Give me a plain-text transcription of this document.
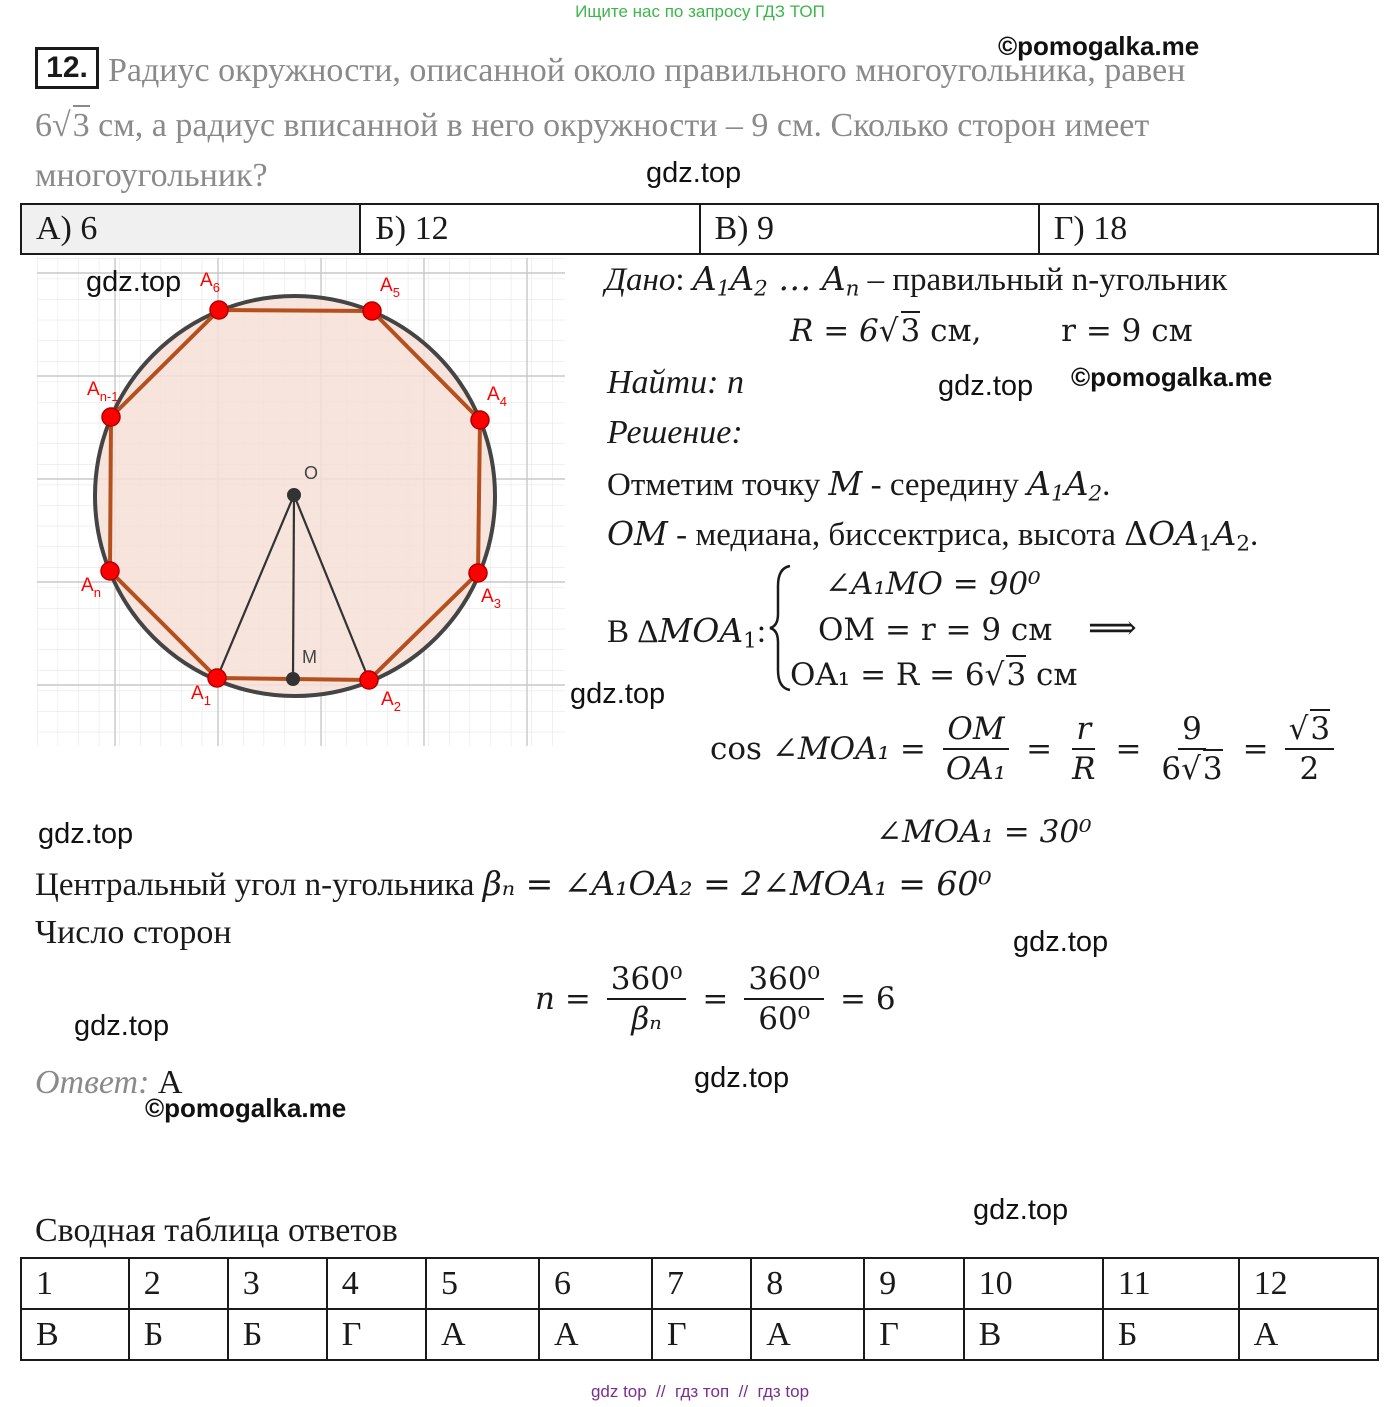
Ищите нас по запросу ГДЗ ТОП
12. Радиус окружности, описанной около правильного многоугольника, равен
6√3 см, а радиус вписанной в него окружности – 9 см. Сколько сторон имеет
многоугольник?
©pomogalka.me
gdz.top
А) 6	Б) 12	В) 9	Г) 18
$A_6$	$A_5$
$A_4$
$A_{n-1}$
$A_n$	$A_3$
$A_1$	$A_2$
O
M
gdz.top	Дано: $A_1A_2$ … $A_n$ – правильный n-угольник
R = 6√3 см,	r = 9 см
Найти: n	gdz.top ©pomogalka.me
Решение:
Отметим точку M - середину $A_1A_2$.
OM - медиана, биссектриса, высота $\Delta OA_1A_2$.
В $\Delta MOA_1$:
∠A₁MO = 90⁰
OM = r = 9 см
OA₁ = R = 6√3 см
⟹
gdz.top
cos ∠MOA₁ = $\frac{OM}{\text{OA₁}} = \frac{r}{R} = \frac{9}{6√3} = \frac{√3}{2}$
gdz.top	∠MOA₁ = 30⁰
Центральный угол n-угольника βₙ = ∠A₁OA₂ = 2∠MOA₁ = 60⁰
Число сторон	gdz.top
$n = \frac{\text{360⁰}}{\text{βₙ}} = \frac{\text{360⁰}}{\text{60⁰}} = 6$
gdz.top
Ответ: А	gdz.top
©pomogalka.me
gdz.top
Сводная таблица ответов
1	2	3	4	5	6	7	8	9	10	11	12
В	Б	Б	Г	А	А	Г	А	Г	В	Б	А
gdz top  //  гдз топ  //  гдз top
